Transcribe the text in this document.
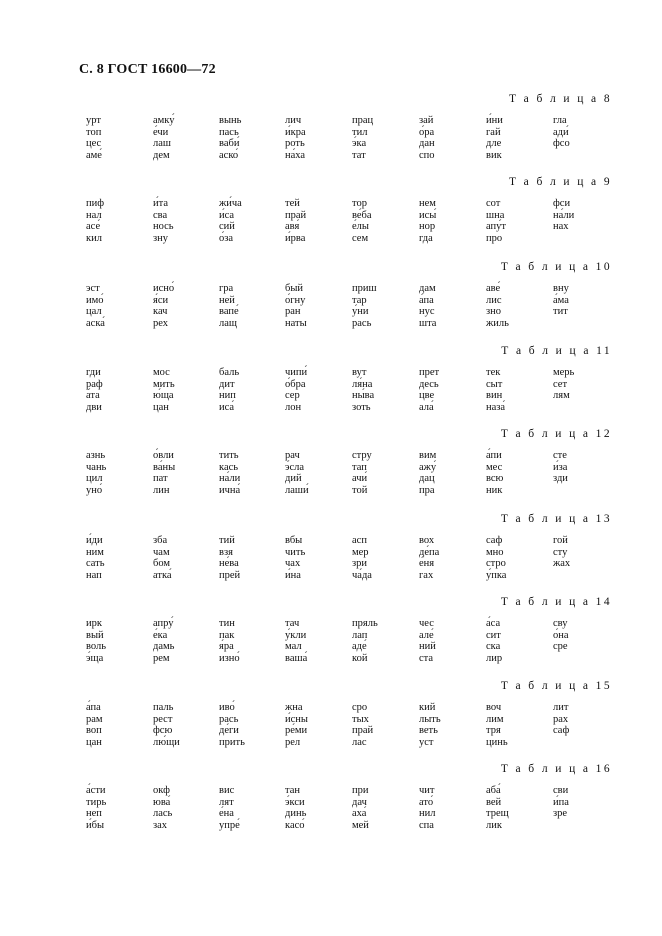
С. 8 ГОСТ 16600—72
Т а б л и ц а 8
урт
топ
цес
аме́
амку́
е́чи
лаш
дем
вынь
пась
ваби́
аско́
лич
и́кра
роть
на́ха
прац
тил
э́ка
тат
зай
о́ра
дан
спо
и́ни
гай
дле
вик
гла
ади́
фсо
Т а б л и ц а 9
пиф
нал
асе́
кил
и́та
сва
нось
зну
жи́ча
и́са
сий
о́за
тей
прай
авя́
и́рва
тор
ве́ба
е́лы
сем
нем
исы́
нор
гда
сот
шна
апу́т
про
фси
на́ли
нах
Т а б л и ц а 10
эст
имо́
цал
аска́
исно́
я́си
кач
рех
гра
ней
вапе́
лащ
бый
о́гну
ран
наты
приш
тар
у́ни
рась
дам
а́па
нус
шта
аве́
лис
зно
жиль
вну
а́ма
тит
Т а б л и ц а 11
гди
раф
а́та
дви
мос
мить
ю́ща
цан
баль
дит
нип
иса́
чипи́
о́бра
сер
лон
вут
ля́на
ны́ва
зоть
прет
десь
цве
ала́
тек
сыт
вин
наза́
мерь
сет
лям
Т а б л и ц а 12
азнь
чань
цил
уно́
о́вли
ва́ны
пат
лин
тить
кась
на́ли
ична́
рач
э́сла
дий
лаши́
стру
тап
ачи́
той
вим
ажу́
дац
пра
а́пи
мес
всю
ник
сте
и́за
зди
Т а б л и ц а 13
и́ди
ним
сать
нап
зба
чам
бом
атка́
тий
взя
не́ва
прей
вбы
чить
чах
и́на
асп
мер
зри
ча́да
вох
де́па
е́ня
гах
саф
мно
стро
у́пка
гой
сту
жах
Т а б л и ц а 14
ирк
вый
воль
э́ща
апру́
е́ка
дамь
рем
тин
пак
я́ра
изно́
тач
у́кли
мал
ваша́
пряль
лап
аде́
кой
чес
але́
ний
ста
а́са
сит
ска
лир
сву
о́на
сре
Т а б л и ц а 15
а́па
рам
воп
цан
паль
рест
фсю
лю́щи
иво́
рась
де́ги
прить
жна
и́сны
ре́ми
рел
сро
тых
прай
лас
кий
лыть
веть
уст
воч
лим
тря
цинь
лит
рах
саф
Т а б л и ц а 16
а́сти
тирь
неп
и́бы
окф
юва́
лась
зах
вис
лят
е́на
упре́
тан
э́кси
динь
касо́
при
дач
аха́
мей
чит
ато́
нил
спа
аба́
вей
трещ
лик
сви
и́па
зре
